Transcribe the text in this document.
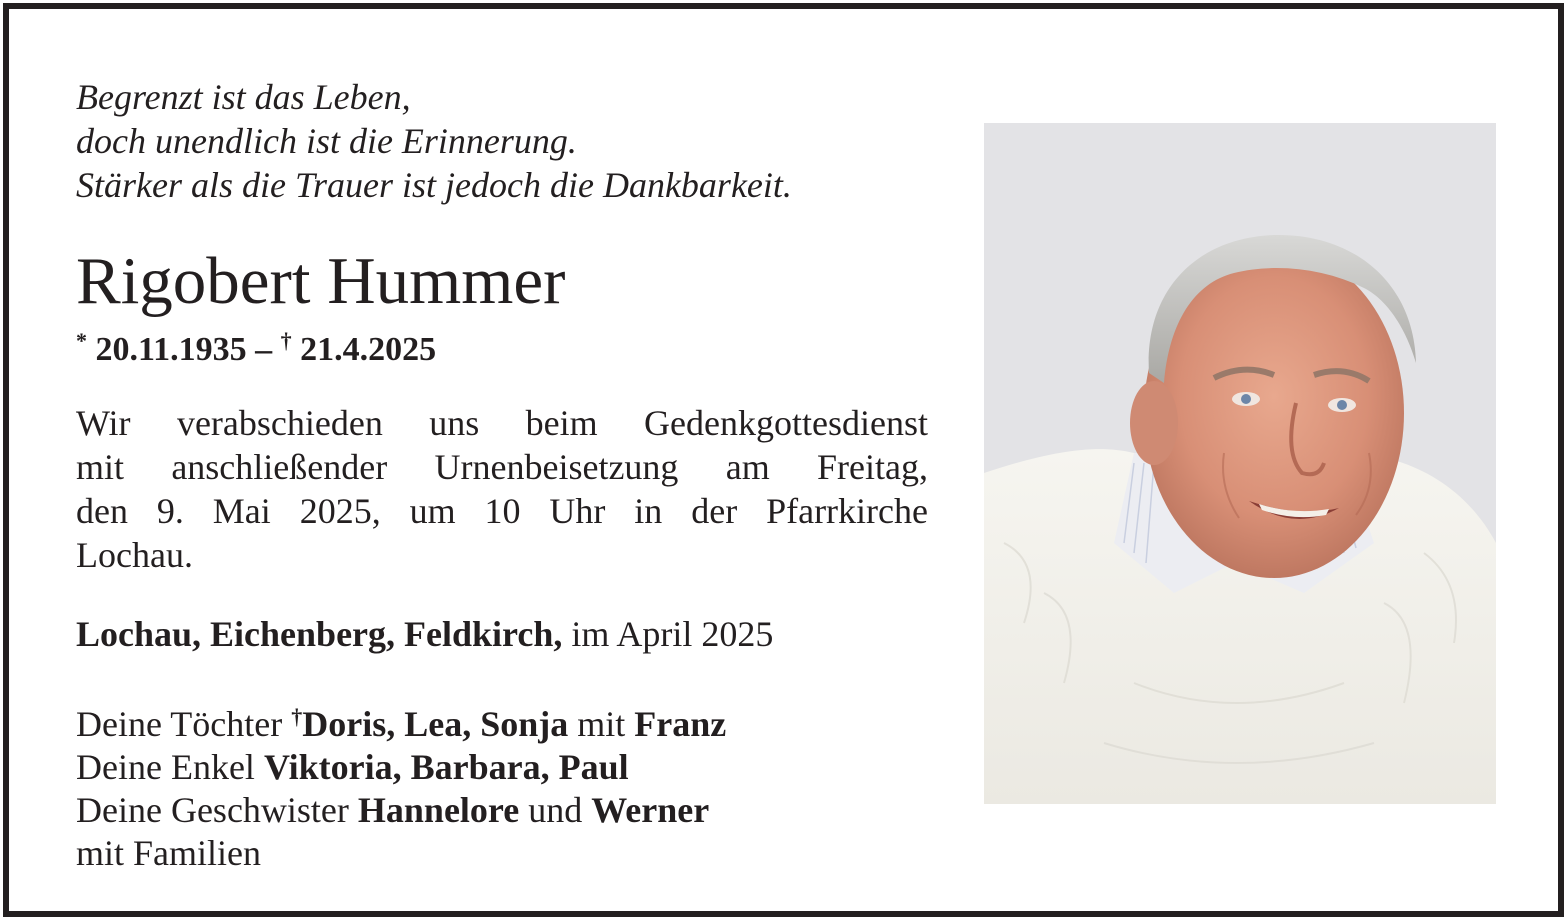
Begrenzt ist das Leben,
doch unendlich ist die Erinnerung.
Stärker als die Trauer ist jedoch die Dankbarkeit.
Rigobert Hummer
* 20.11.1935 – † 21.4.2025
Wir verabschieden uns beim Gedenkgottesdienst
mit anschließender Urnenbeisetzung am Freitag,
den 9. Mai 2025, um 10 Uhr in der Pfarrkirche
Lochau.
Lochau, Eichenberg, Feldkirch, im April 2025
Deine Töchter †Doris, Lea, Sonja mit Franz
Deine Enkel Viktoria, Barbara, Paul
Deine Geschwister Hannelore und Werner
mit Familien
